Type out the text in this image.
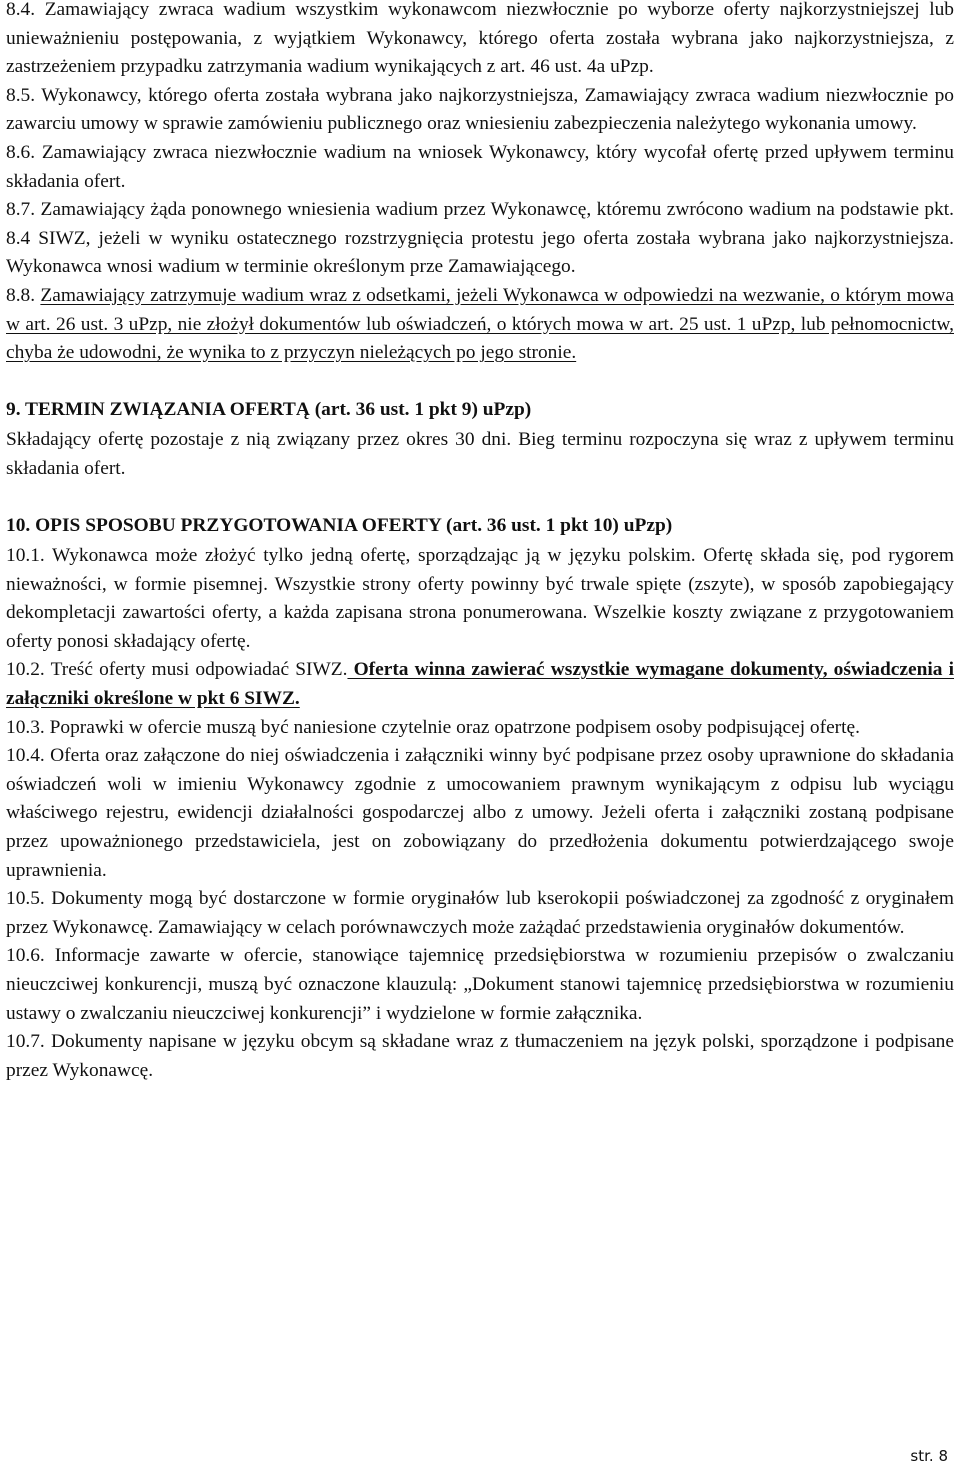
8.4. Zamawiający zwraca wadium wszystkim wykonawcom niezwłocznie po wyborze oferty najkorzystniejszej lub unieważnieniu postępowania, z wyjątkiem Wykonawcy, którego oferta została wybrana jako najkorzystniejsza, z zastrzeżeniem przypadku zatrzymania wadium wynikających z art. 46 ust. 4a uPzp.

8.5. Wykonawcy, którego oferta została wybrana jako najkorzystniejsza, Zamawiający zwraca wadium niezwłocznie po zawarciu umowy w sprawie zamówieniu publicznego oraz wniesieniu zabezpieczenia należytego wykonania umowy.

8.6. Zamawiający zwraca niezwłocznie wadium na wniosek Wykonawcy, który wycofał ofertę przed upływem terminu składania ofert.

8.7. Zamawiający żąda ponownego wniesienia wadium przez Wykonawcę, któremu zwrócono wadium na podstawie pkt. 8.4 SIWZ, jeżeli w wyniku ostatecznego rozstrzygnięcia protestu jego oferta została wybrana jako najkorzystniejsza. Wykonawca wnosi wadium w terminie określonym prze Zamawiającego.

8.8. Zamawiający zatrzymuje wadium wraz z odsetkami, jeżeli Wykonawca w odpowiedzi na wezwanie, o którym mowa w art. 26 ust. 3 uPzp, nie złożył dokumentów lub oświadczeń, o których mowa w art. 25 ust. 1 uPzp, lub pełnomocnictw, chyba że udowodni, że wynika to z przyczyn nieleżących po jego stronie.

9. TERMIN ZWIĄZANIA OFERTĄ (art. 36 ust. 1 pkt 9) uPzp)

Składający ofertę pozostaje z nią związany przez okres 30 dni. Bieg terminu rozpoczyna się wraz z upływem terminu składania ofert.

10. OPIS SPOSOBU PRZYGOTOWANIA OFERTY (art. 36 ust. 1 pkt 10) uPzp)

10.1. Wykonawca może złożyć tylko jedną ofertę, sporządzając ją w języku polskim. Ofertę składa się, pod rygorem nieważności, w formie pisemnej. Wszystkie strony oferty powinny być trwale spięte (zszyte), w sposób zapobiegający dekompletacji zawartości oferty, a każda zapisana strona ponumerowana. Wszelkie koszty związane z przygotowaniem oferty ponosi składający ofertę.

10.2. Treść oferty musi odpowiadać SIWZ. Oferta winna zawierać wszystkie wymagane dokumenty, oświadczenia i załączniki określone w pkt 6 SIWZ.

10.3. Poprawki w ofercie muszą być naniesione czytelnie oraz opatrzone podpisem osoby podpisującej ofertę.

10.4. Oferta oraz załączone do niej oświadczenia i załączniki winny być podpisane przez osoby uprawnione do składania oświadczeń woli w imieniu Wykonawcy zgodnie z umocowaniem prawnym wynikającym z odpisu lub wyciągu właściwego rejestru, ewidencji działalności gospodarczej albo z umowy. Jeżeli oferta i załączniki zostaną podpisane przez upoważnionego przedstawiciela, jest on zobowiązany do przedłożenia dokumentu potwierdzającego swoje uprawnienia.

10.5. Dokumenty mogą być dostarczone w formie oryginałów lub kserokopii poświadczonej za zgodność z oryginałem przez Wykonawcę. Zamawiający w celach porównawczych może zażądać przedstawienia oryginałów dokumentów.

10.6. Informacje zawarte w ofercie, stanowiące tajemnicę przedsiębiorstwa w rozumieniu przepisów o zwalczaniu nieuczciwej konkurencji, muszą być oznaczone klauzulą: „Dokument stanowi tajemnicę przedsiębiorstwa w rozumieniu ustawy o zwalczaniu nieuczciwej konkurencji” i wydzielone w formie załącznika.

10.7. Dokumenty napisane w języku obcym są składane wraz z tłumaczeniem na język polski, sporządzone i podpisane przez Wykonawcę.

str. 8
